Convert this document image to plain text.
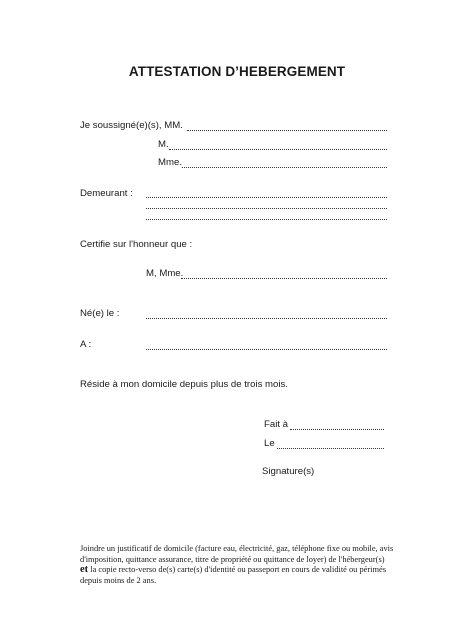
ATTESTATION D’HEBERGEMENT
Je soussigné(e)(s), MM.
M.
Mme.
Demeurant :
Certifie sur l'honneur que :
M, Mme.
Né(e) le :
A :
Réside à mon domicile depuis plus de trois mois.
Fait à
Le
Signature(s)
Joindre un justificatif de domicile (facture eau, électricité, gaz, téléphone fixe ou mobile, avis
d'imposition, quittance assurance, titre de propriété ou quittance de loyer) de l'hébergeur(s)
et la copie recto-verso de(s) carte(s) d'identité ou passeport en cours de validité ou périmés
depuis moins de 2 ans.
